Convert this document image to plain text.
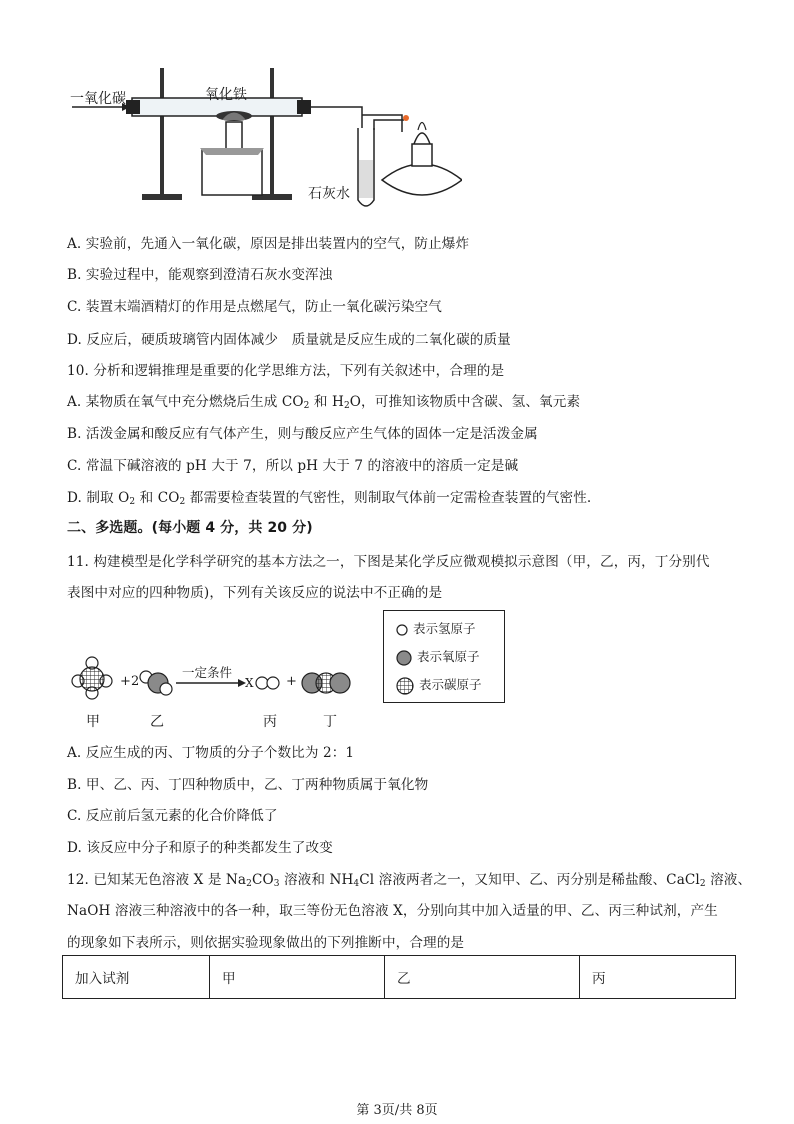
一氧化碳	氧化铁
石灰水
A. 实验前，先通入一氧化碳，原因是排出装置内的空气，防止爆炸
B. 实验过程中，能观察到澄清石灰水变浑浊
C. 装置末端酒精灯的作用是点燃尾气，防止一氧化碳污染空气
D. 反应后，硬质玻璃管内固体减少　质量就是反应生成的二氧化碳的质量
10. 分析和逻辑推理是重要的化学思维方法，下列有关叙述中，合理的是
A. 某物质在氧气中充分燃烧后生成 $CO_2$ 和 $H_2O$，可推知该物质中含碳、氢、氧元素
B. 活泼金属和酸反应有气体产生，则与酸反应产生气体的固体一定是活泼金属
C. 常温下碱溶液的 pH 大于 7，所以 pH 大于 7 的溶液中的溶质一定是碱
D. 制取 $O_2$ 和 $CO_2$ 都需要检查装置的气密性，则制取气体前一定需检查装置的气密性.
二、多选题。(每小题 4 分，共 20 分)
11. 构建模型是化学科学研究的基本方法之一，下图是某化学反应微观模拟示意图（甲，乙，丙，丁分别代
表图中对应的四种物质)，下列有关该反应的说法中不正确的是
表示氢原子
表示氧原子
表示碳原子
+ 2
一定条件
X +
甲	乙	丙	丁
A. 反应生成的丙、丁物质的分子个数比为 2：1
B. 甲、乙、丙、丁四种物质中，乙、丁两种物质属于氧化物
C. 反应前后氢元素的化合价降低了
D. 该反应中分子和原子的种类都发生了改变
12. 已知某无色溶液 X 是 $Na_2CO_3$ 溶液和 $NH_4Cl$ 溶液两者之一，又知甲、乙、丙分别是稀盐酸、CaCl$_2$ 溶液、
NaOH 溶液三种溶液中的各一种，取三等份无色溶液 X，分别向其中加入适量的甲、乙、丙三种试剂，产生
的现象如下表所示，则依据实验现象做出的下列推断中，合理的是
加入试剂	甲	乙	丙
第 3页/共 8页
